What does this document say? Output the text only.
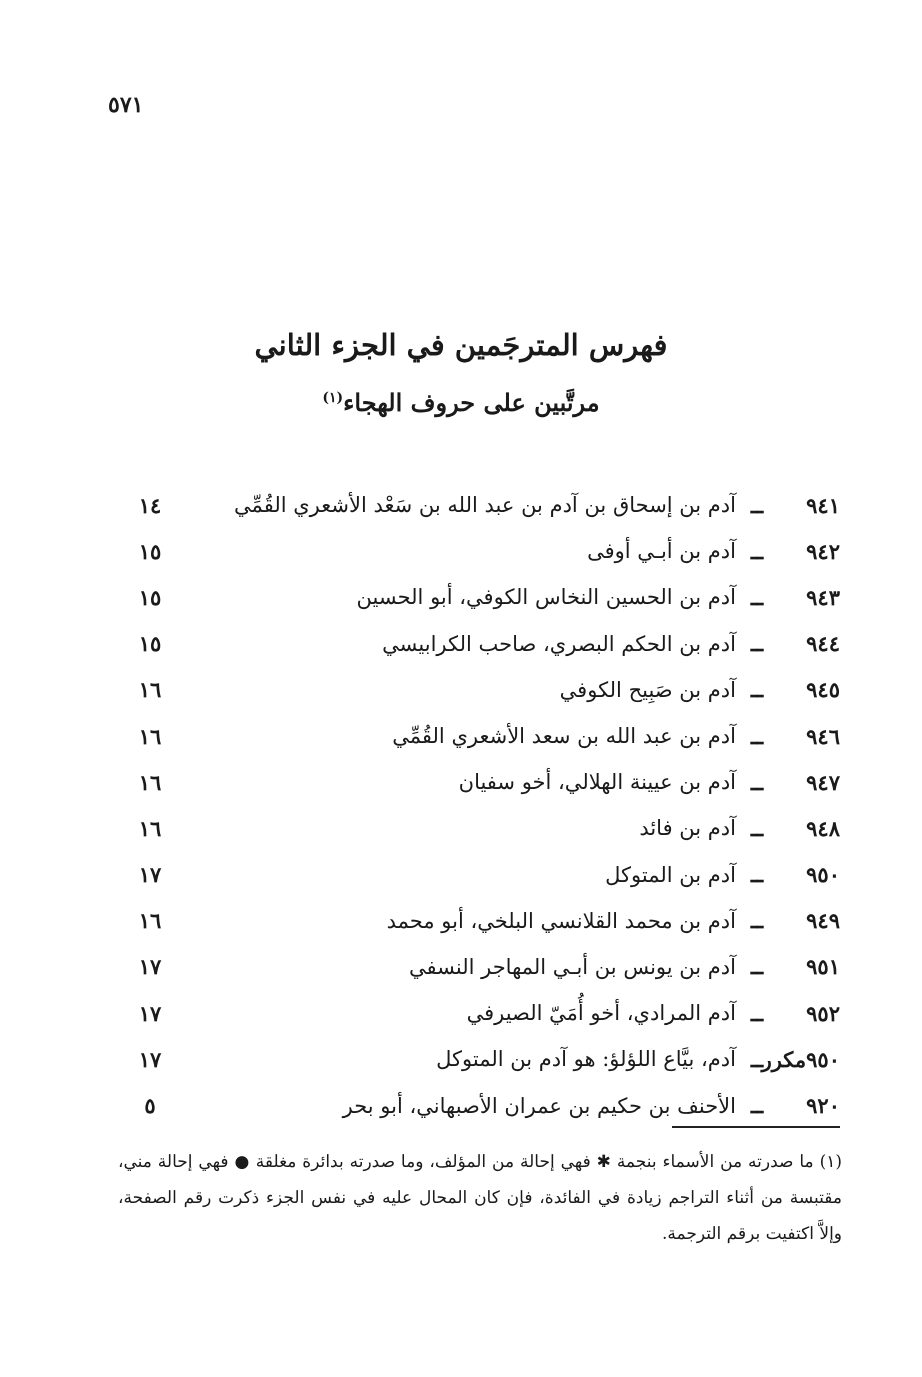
٥٧١
فهرس المترجَمين في الجزء الثاني
مرتَّبين على حروف الهجاء$^{(١)}$
٩٤١
ــ
آدم بن إسحاق بن آدم بن عبد الله بن سَعْد الأشعري القُمِّي
١٤
٩٤٢
ــ
آدم بن أبـي أوفى
١٥
٩٤٣
ــ
آدم بن الحسين النخاس الكوفي، أبو الحسين
١٥
٩٤٤
ــ
آدم بن الحكم البصري، صاحب الكرابيسي
١٥
٩٤٥
ــ
آدم بن صَبِيح الكوفي
١٦
٩٤٦
ــ
آدم بن عبد الله بن سعد الأشعري القُمِّي
١٦
٩٤٧
ــ
آدم بن عيينة الهلالي، أخو سفيان
١٦
٩٤٨
ــ
آدم بن فائد
١٦
٩٥٠
ــ
آدم بن المتوكل
١٧
٩٤٩
ــ
آدم بن محمد القلانسي البلخي، أبو محمد
١٦
٩٥١
ــ
آدم بن يونس بن أبـي المهاجر النسفي
١٧
٩٥٢
ــ
آدم المرادي، أخو أُمَيّ الصيرفي
١٧
٩٥٠مكرر
ــ
آدم، بيَّاع اللؤلؤ: هو آدم بن المتوكل
١٧
٩٢٠
ــ
الأحنف بن حكيم بن عمران الأصبهاني، أبو بحر
٥
(١) ما صدرته من الأسماء بنجمة ✱ فهي إحالة من المؤلف، وما صدرته بدائرة مغلقة ● فهي إحالة مني، مقتبسة من أثناء التراجم زيادة في الفائدة، فإن كان المحال عليه في نفس الجزء ذكرت رقم الصفحة، وإلاَّ اكتفيت برقم الترجمة.
